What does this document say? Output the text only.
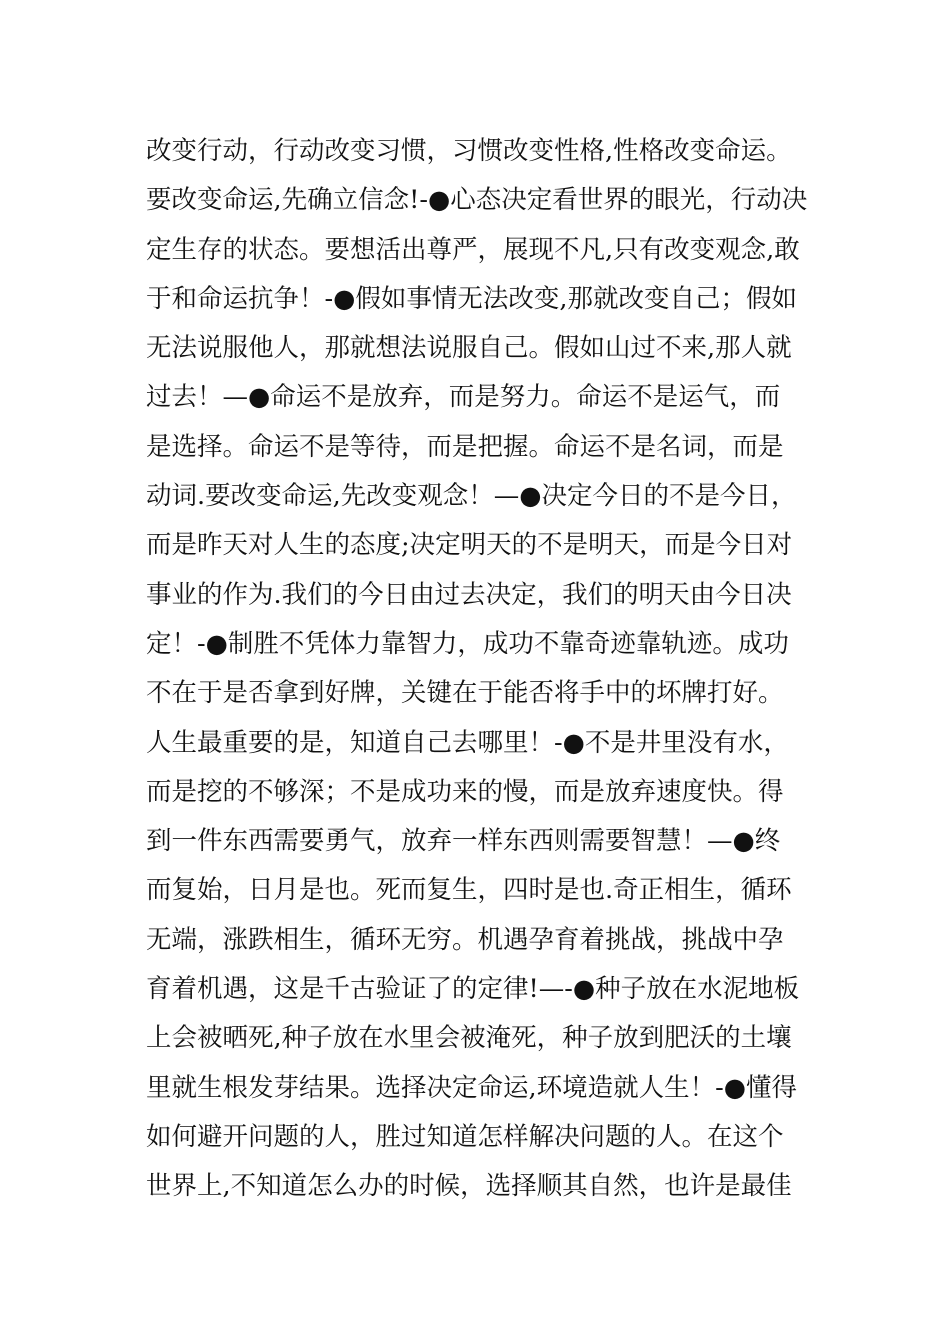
改变行动，行动改变习惯，习惯改变性格,性格改变命运。
要改变命运,先确立信念!-●心态决定看世界的眼光，行动决
定生存的状态。要想活出尊严，展现不凡,只有改变观念,敢
于和命运抗争！-●假如事情无法改变,那就改变自己；假如
无法说服他人，那就想法说服自己。假如山过不来,那人就
过去！—●命运不是放弃，而是努力。命运不是运气，而
是选择。命运不是等待，而是把握。命运不是名词，而是
动词.要改变命运,先改变观念！—●决定今日的不是今日，
而是昨天对人生的态度;决定明天的不是明天，而是今日对
事业的作为.我们的今日由过去决定，我们的明天由今日决
定！-●制胜不凭体力靠智力，成功不靠奇迹靠轨迹。成功
不在于是否拿到好牌，关键在于能否将手中的坏牌打好。
人生最重要的是，知道自己去哪里！-●不是井里没有水，
而是挖的不够深；不是成功来的慢，而是放弃速度快。得
到一件东西需要勇气，放弃一样东西则需要智慧！—●终
而复始，日月是也。死而复生，四时是也.奇正相生，循环
无端，涨跌相生，循环无穷。机遇孕育着挑战，挑战中孕
育着机遇，这是千古验证了的定律!—-●种子放在水泥地板
上会被晒死,种子放在水里会被淹死，种子放到肥沃的土壤
里就生根发芽结果。选择决定命运,环境造就人生！-●懂得
如何避开问题的人，胜过知道怎样解决问题的人。在这个
世界上,不知道怎么办的时候，选择顺其自然，也许是最佳
